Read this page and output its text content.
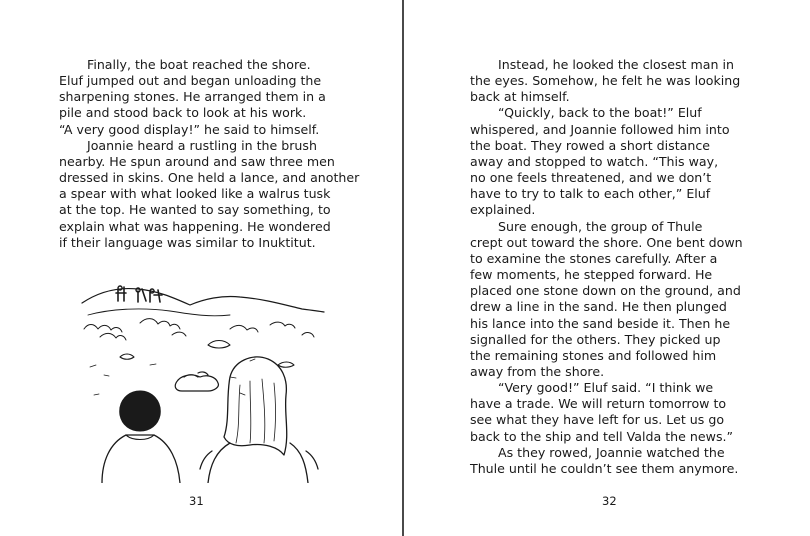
Finally, the boat reached the shore.

Eluf jumped out and began unloading the

sharpening stones. He arranged them in a

pile and stood back to look at his work.

“A very good display!” he said to himself.

Joannie heard a rustling in the brush

nearby. He spun around and saw three men

dressed in skins. One held a lance, and another

a spear with what looked like a walrus tusk

at the top. He wanted to say something, to

explain what was happening. He wondered

if their language was similar to Inuktitut.

31

Instead, he looked the closest man in

the eyes. Somehow, he felt he was looking

back at himself.

“Quickly, back to the boat!” Eluf

whispered, and Joannie followed him into

the boat. They rowed a short distance

away and stopped to watch. “This way,

no one feels threatened, and we don’t

have to try to talk to each other,” Eluf

explained.

Sure enough, the group of Thule

crept out toward the shore. One bent down

to examine the stones carefully. After a

few moments, he stepped forward. He

placed one stone down on the ground, and

drew a line in the sand. He then plunged

his lance into the sand beside it. Then he

signalled for the others. They picked up

the remaining stones and followed him

away from the shore.

“Very good!” Eluf said. “I think we

have a trade. We will return tomorrow to

see what they have left for us. Let us go

back to the ship and tell Valda the news.”

As they rowed, Joannie watched the

Thule until he couldn’t see them anymore.

32
